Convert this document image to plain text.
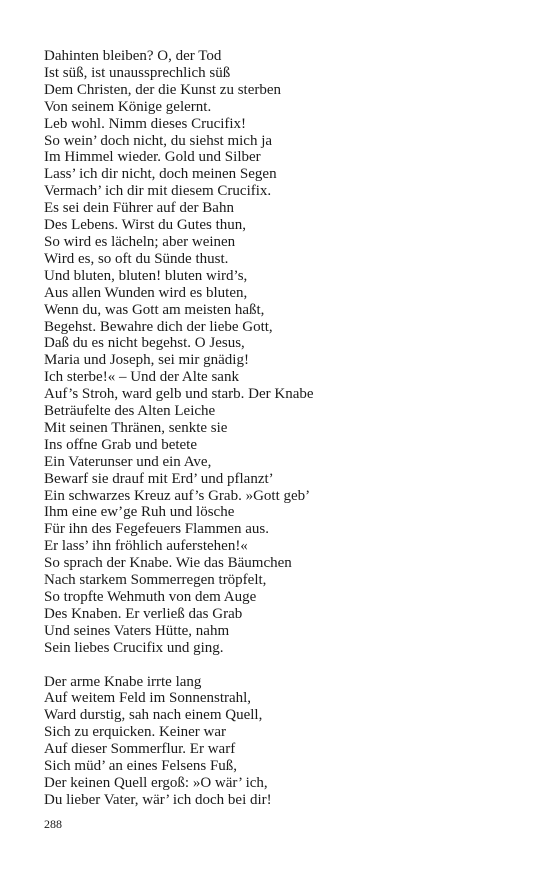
Dahinten bleiben? O, der Tod
Ist süß, ist unaussprechlich süß
Dem Christen, der die Kunst zu sterben
Von seinem Könige gelernt.
Leb wohl. Nimm dieses Crucifix!
So wein’ doch nicht, du siehst mich ja
Im Himmel wieder. Gold und Silber
Lass’ ich dir nicht, doch meinen Segen
Vermach’ ich dir mit diesem Crucifix.
Es sei dein Führer auf der Bahn
Des Lebens. Wirst du Gutes thun,
So wird es lächeln; aber weinen
Wird es, so oft du Sünde thust.
Und bluten, bluten! bluten wird’s,
Aus allen Wunden wird es bluten,
Wenn du, was Gott am meisten haßt,
Begehst. Bewahre dich der liebe Gott,
Daß du es nicht begehst. O Jesus,
Maria und Joseph, sei mir gnädig!
Ich sterbe!« – Und der Alte sank
Auf’s Stroh, ward gelb und starb. Der Knabe
Beträufelte des Alten Leiche
Mit seinen Thränen, senkte sie
Ins offne Grab und betete
Ein Vaterunser und ein Ave,
Bewarf sie drauf mit Erd’ und pflanzt’
Ein schwarzes Kreuz auf’s Grab. »Gott geb’
Ihm eine ew’ge Ruh und lösche
Für ihn des Fegefeuers Flammen aus.
Er lass’ ihn fröhlich auferstehen!«
So sprach der Knabe. Wie das Bäumchen
Nach starkem Sommerregen tröpfelt,
So tropfte Wehmuth von dem Auge
Des Knaben. Er verließ das Grab
Und seines Vaters Hütte, nahm
Sein liebes Crucifix und ging.
Der arme Knabe irrte lang
Auf weitem Feld im Sonnenstrahl,
Ward durstig, sah nach einem Quell,
Sich zu erquicken. Keiner war
Auf dieser Sommerflur. Er warf
Sich müd’ an eines Felsens Fuß,
Der keinen Quell ergoß: »O wär’ ich,
Du lieber Vater, wär’ ich doch bei dir!
288
